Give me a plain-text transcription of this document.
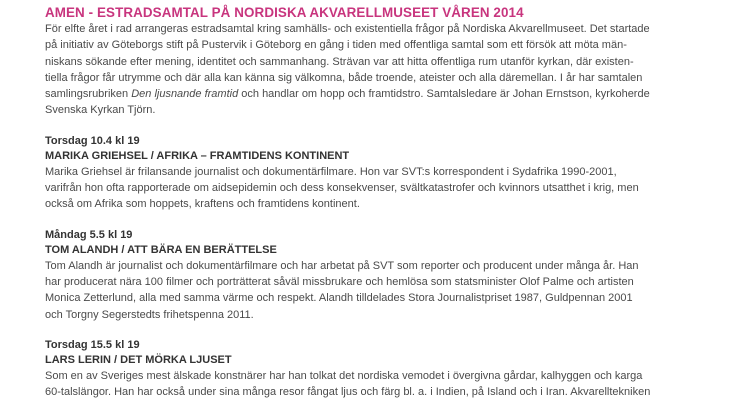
AMEN - ESTRADSAMTAL PÅ NORDISKA AKVARELLMUSEET VÅREN 2014
För elfte året i rad arrangeras estradsamtal kring samhälls- och existentiella frågor på Nordiska Akvarellmuseet. Det startade
på initiativ av Göteborgs stift på Pustervik i Göteborg en gång i tiden med offentliga samtal som ett försök att möta män-
niskans sökande efter mening, identitet och sammanhang. Strävan var att hitta offentliga rum utanför kyrkan, där existen-
tiella frågor får utrymme och där alla kan känna sig välkomna, både troende, ateister och alla däremellan. I år har samtalen
samlingsrubriken Den ljusnande framtid och handlar om hopp och framtidstro. Samtalsledare är Johan Ernstson, kyrkoherde
Svenska Kyrkan Tjörn.
Torsdag 10.4 kl 19
MARIKA GRIEHSEL / AFRIKA – FRAMTIDENS KONTINENT
Marika Griehsel är frilansande journalist och dokumentärfilmare. Hon var SVT:s korrespondent i Sydafrika 1990-2001,
varifrån hon ofta rapporterade om aidsepidemin och dess konsekvenser, svältkatastrofer och kvinnors utsatthet i krig, men
också om Afrika som hoppets, kraftens och framtidens kontinent.
Måndag 5.5 kl 19
TOM ALANDH / ATT BÄRA EN BERÄTTELSE
Tom Alandh är journalist och dokumentärfilmare och har arbetat på SVT som reporter och producent under många år. Han
har producerat nära 100 filmer och porträtterat såväl missbrukare och hemlösa som statsminister Olof Palme och artisten
Monica Zetterlund, alla med samma värme och respekt. Alandh tilldelades Stora Journalistpriset 1987, Guldpennan 2001
och Torgny Segerstedts frihetspenna 2011.
Torsdag 15.5 kl 19
LARS LERIN / DET MÖRKA LJUSET
Som en av Sveriges mest älskade konstnärer har han tolkat det nordiska vemodet i övergivna gårdar, kalhyggen och karga
60-talslängor. Han har också under sina många resor fångat ljus och färg bl. a. i Indien, på Island och i Iran. Akvarelltekniken
